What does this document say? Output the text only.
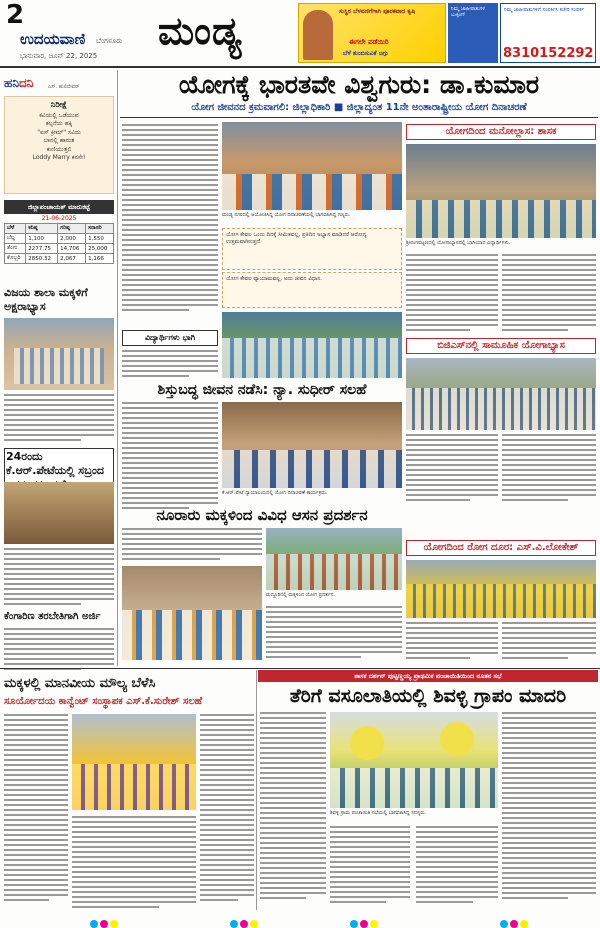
2
ಉದಯವಾಣಿ ಬೆಂಗಳೂರು
ಭಾನುವಾರ, ಜೂನ್ 22, 2025
ಮಂಡ್ಯ	ಸುಸ್ಥಿರ ಬೆಳವಣಿಗೆಗಾಗಿ ಪೂರಕವಾದ ಕೃಷಿ
ಈಗಲೇ ಪಡೆಯಿರಿ
ಬೆಳೆ ತುಂಬಿಸುವಿಕೆ ಜಗ್ಗು
ನಿಮ್ಮ ಜಾಹೀರಾತುಗಳ ಬುಕ್ಕಿಂಗ್
ನಿಮ್ಮ ಜಾಹೀರಾತುಗಳಿಗೆ ಸಂಪರ್ಕಿಸಿ ಕಚೇರಿ ಸಂಪರ್ಕ
8310152292
ಹನಿದನಿ	ಎಸ್. ಹುಲಿದೇವರ್
ನಿರೀಕ್ಷೆ
ಕವಿಯಲ್ಲಿ ಒಡೆಯುವ
ಕಲ್ಪನೆಯ ಹಕ್ಕಿ
"ಐಸ್ ಕ್ರೀಮ್" ಸವಿದು
ಬಾನಲ್ಲಿ ಹಾರುತ
ಕುಣಿಯುತ್ತಲಿ
Loddy Marry ಕನಸೇ!
ಜಿಲ್ಲಾಪಂಚಾಯತ್‌ ಮಾರುಕಟ್ಟೆ
21-06-2025
ಬೆಳೆ	ಕನಿಷ್ಠ	ಗರಿಷ್ಠ	ಸರಾಸರಿ
ಬೆಲ್ಲ	1,100	2,000	1,550
ತೆಂಗು	2277.75	14,706	25,000
ಕೊಬ್ಬರಿ	2850.32	2,067	1,166
ವಿಜಯ ಶಾಲಾ ಮಕ್ಕಳಿಗೆ ಅಕ್ಷರಾಭ್ಯಾಸ
24ರಂದು ಕೆ.ಆರ್.ಪೇಟೆಯಲ್ಲಿ ಸಬ್ರಂದ
ಕೆಂಗಾರಿಣ ತರಬೇತಿಗಾಗಿ ಅರ್ಜಿ
ಯೋಗಕ್ಕೆ ಭಾರತವೇ ವಿಶ್ವಗುರು: ಡಾ.ಕುಮಾರ
ಯೋಗ ಜೀವನದ ಕ್ರಮವಾಗಲಿ: ಜಿಲ್ಲಾಧಿಕಾರಿ ■ ಜಿಲ್ಲಾದ್ಯಂತ 11ನೇ ಅಂತಾರಾಷ್ಟ್ರೀಯ ಯೋಗ ದಿನಾಚರಣೆ
ಮಂಡ್ಯ ನಗರದಲ್ಲಿ ಆಯೋಜಿಸಿದ್ದ ಯೋಗ ದಿನಾಚರಣೆಯಲ್ಲಿ ಭಾಗವಹಿಸಿದ್ದ ಗಣ್ಯರು.
ಯೋಗ ಕೇವಲ ಒಂದು ದಿನಕ್ಕೆ ಸೀಮಿತವಲ್ಲ, ಪ್ರತಿದಿನ ಅಭ್ಯಾಸ ಮಾಡಿದರೆ ಆರೋಗ್ಯ ಉತ್ತಮವಾಗಿರುತ್ತದೆ.
ಯೋಗ ಕೇವಲ ವ್ಯಾಯಾಮವಲ್ಲ, ಅದು ಜೀವನ ವಿಧಾನ.
ಯೋಗದಿಂದ ಮನೋಲ್ಲಾಸ: ಶಾಸಕ
ಶ್ರೀರಂಗಪಟ್ಟಣದಲ್ಲಿ ಯೋಗಾಭ್ಯಾಸದಲ್ಲಿ ಭಾಗಿಯಾದ ವಿದ್ಯಾರ್ಥಿಗಳು.
ವಿದ್ಯಾರ್ಥಿಗಳು ಭಾಗಿ
ಬಿಜಿಎಸ್‌ನಲ್ಲಿ ಸಾಮೂಹಿಕ ಯೋಗಾಭ್ಯಾಸ
ಶಿಸ್ತುಬದ್ಧ ಜೀವನ ನಡೆಸಿ: ನ್ಯಾ. ಸುಧೀರ್ ಸಲಹೆ
ಕೆ.ಆರ್.ಪೇಟೆ ನ್ಯಾಯಾಲಯದಲ್ಲಿ ಯೋಗ ದಿನಾಚರಣೆ ಕಾರ್ಯಕ್ರಮ.
ನೂರಾರು ಮಕ್ಕಳಿಂದ ವಿವಿಧ ಆಸನ ಪ್ರದರ್ಶನ
ಮದ್ದೂರಿನಲ್ಲಿ ಮಕ್ಕಳಿಂದ ಯೋಗ ಪ್ರದರ್ಶನ.
ಯೋಗದಿಂದ ರೋಗ ದೂರ: ಎಸ್.ವಿ.ಲೋಕೇಶ್
ಮಕ್ಕಳಲ್ಲಿ ಮಾನವೀಯ ಮೌಲ್ಯ ಬೆಳೆಸಿ
ಸೂರ್ಯೋದಯ ಕಾನ್ವೆಂಟ್ ಸಂಸ್ಥಾಪಕ ಎಸ್.ಕೆ.ಸುರೇಶ್ ಸಲಹೆ
ಶಾಸಕ ದರ್ಶನ್ ಪುಟ್ಟಣ್ಣಯ್ಯ ಪ್ರಾಥಮಿಕ ಪಂಚಾಯಿತಿಯಿಂದ ನೂತನ ಸಭೆ
ತೆರಿಗೆ ವಸೂಲಾತಿಯಲ್ಲಿ ಶಿವಳ್ಳಿ ಗ್ರಾಪಂ ಮಾದರಿ
ಶಿವಳ್ಳಿ ಗ್ರಾಮ ಪಂಚಾಯಿತಿ ಸಭೆಯಲ್ಲಿ ಭಾಗವಹಿಸಿದ್ದ ಸದಸ್ಯರು.
